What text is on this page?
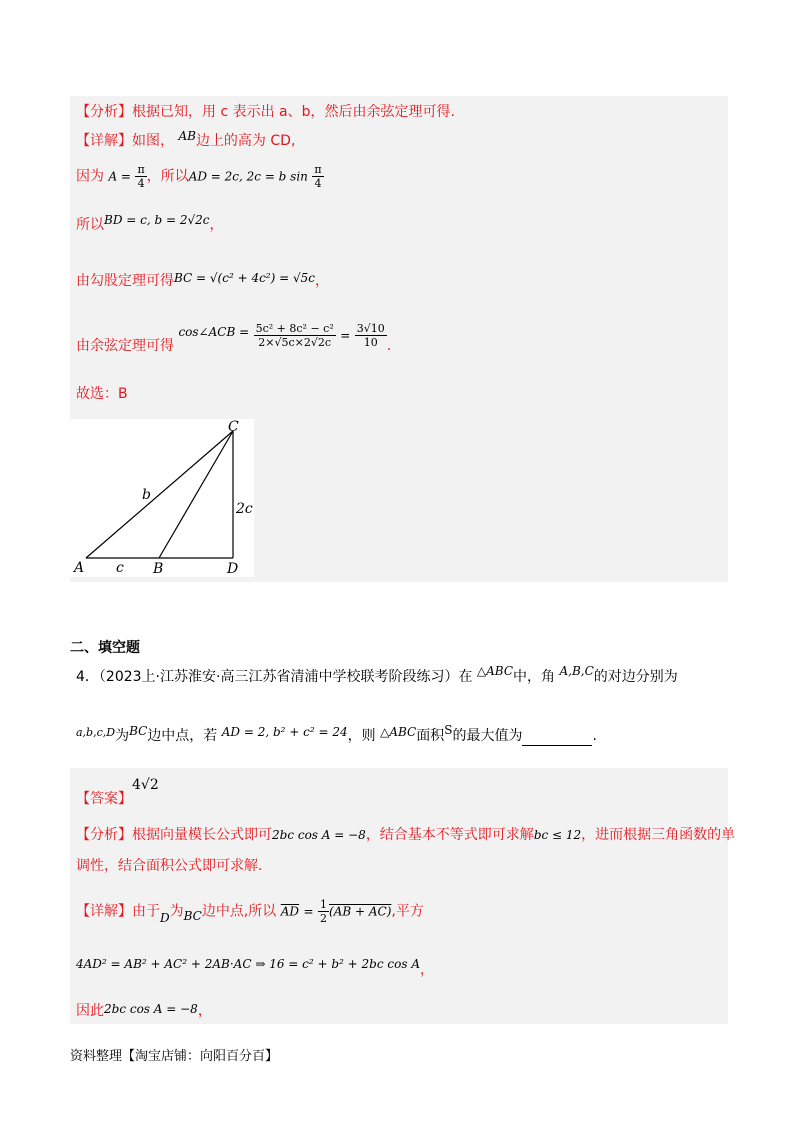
【分析】根据已知，用 c 表示出 a、b，然后由余弦定理可得.
【详解】如图， AB边上的高为 CD,
因为 $A = \frac{\pi}{4}$ ，所以AD = 2c, 2c = b $\sin \frac{\pi}{4}$
所以BD = c, b = 2√2c，
由勾股定理可得BC = √(c² + 4c²) = √5c，
由余弦定理可得 cos∠ACB = $\frac{\text{5c² + 8c² − c²}}{2\times√5c\times 2√2c} = \frac{3√10}{10}$ .
故选：B
C
A	B	D
b
c
2c
二、填空题
4．（2023上·江苏淮安·高三江苏省清浦中学校联考阶段练习）在 △ABC中，角 A,B,C的对边分别为
$^{a,b,c,D}$为BC边中点，若 AD = 2, b² + c² = 24，则 △ABC面积S的最大值为	.
【答案】4√2
【分析】根据向量模长公式即可2bc cos A = −8，结合基本不等式即可求解bc ≤ 12，进而根据三角函数的单
调性，结合面积公式即可求解.
【详解】由于D为BC边中点,所以 $\overline{AD} = \frac{1}{2} (AB + AC)$,平方
4AD² = AB² + AC² + 2AB·AC ⇒ 16 = c² + b² + 2bc cos A，
因此2bc cos A = −8，
资料整理【淘宝店铺：向阳百分百】
